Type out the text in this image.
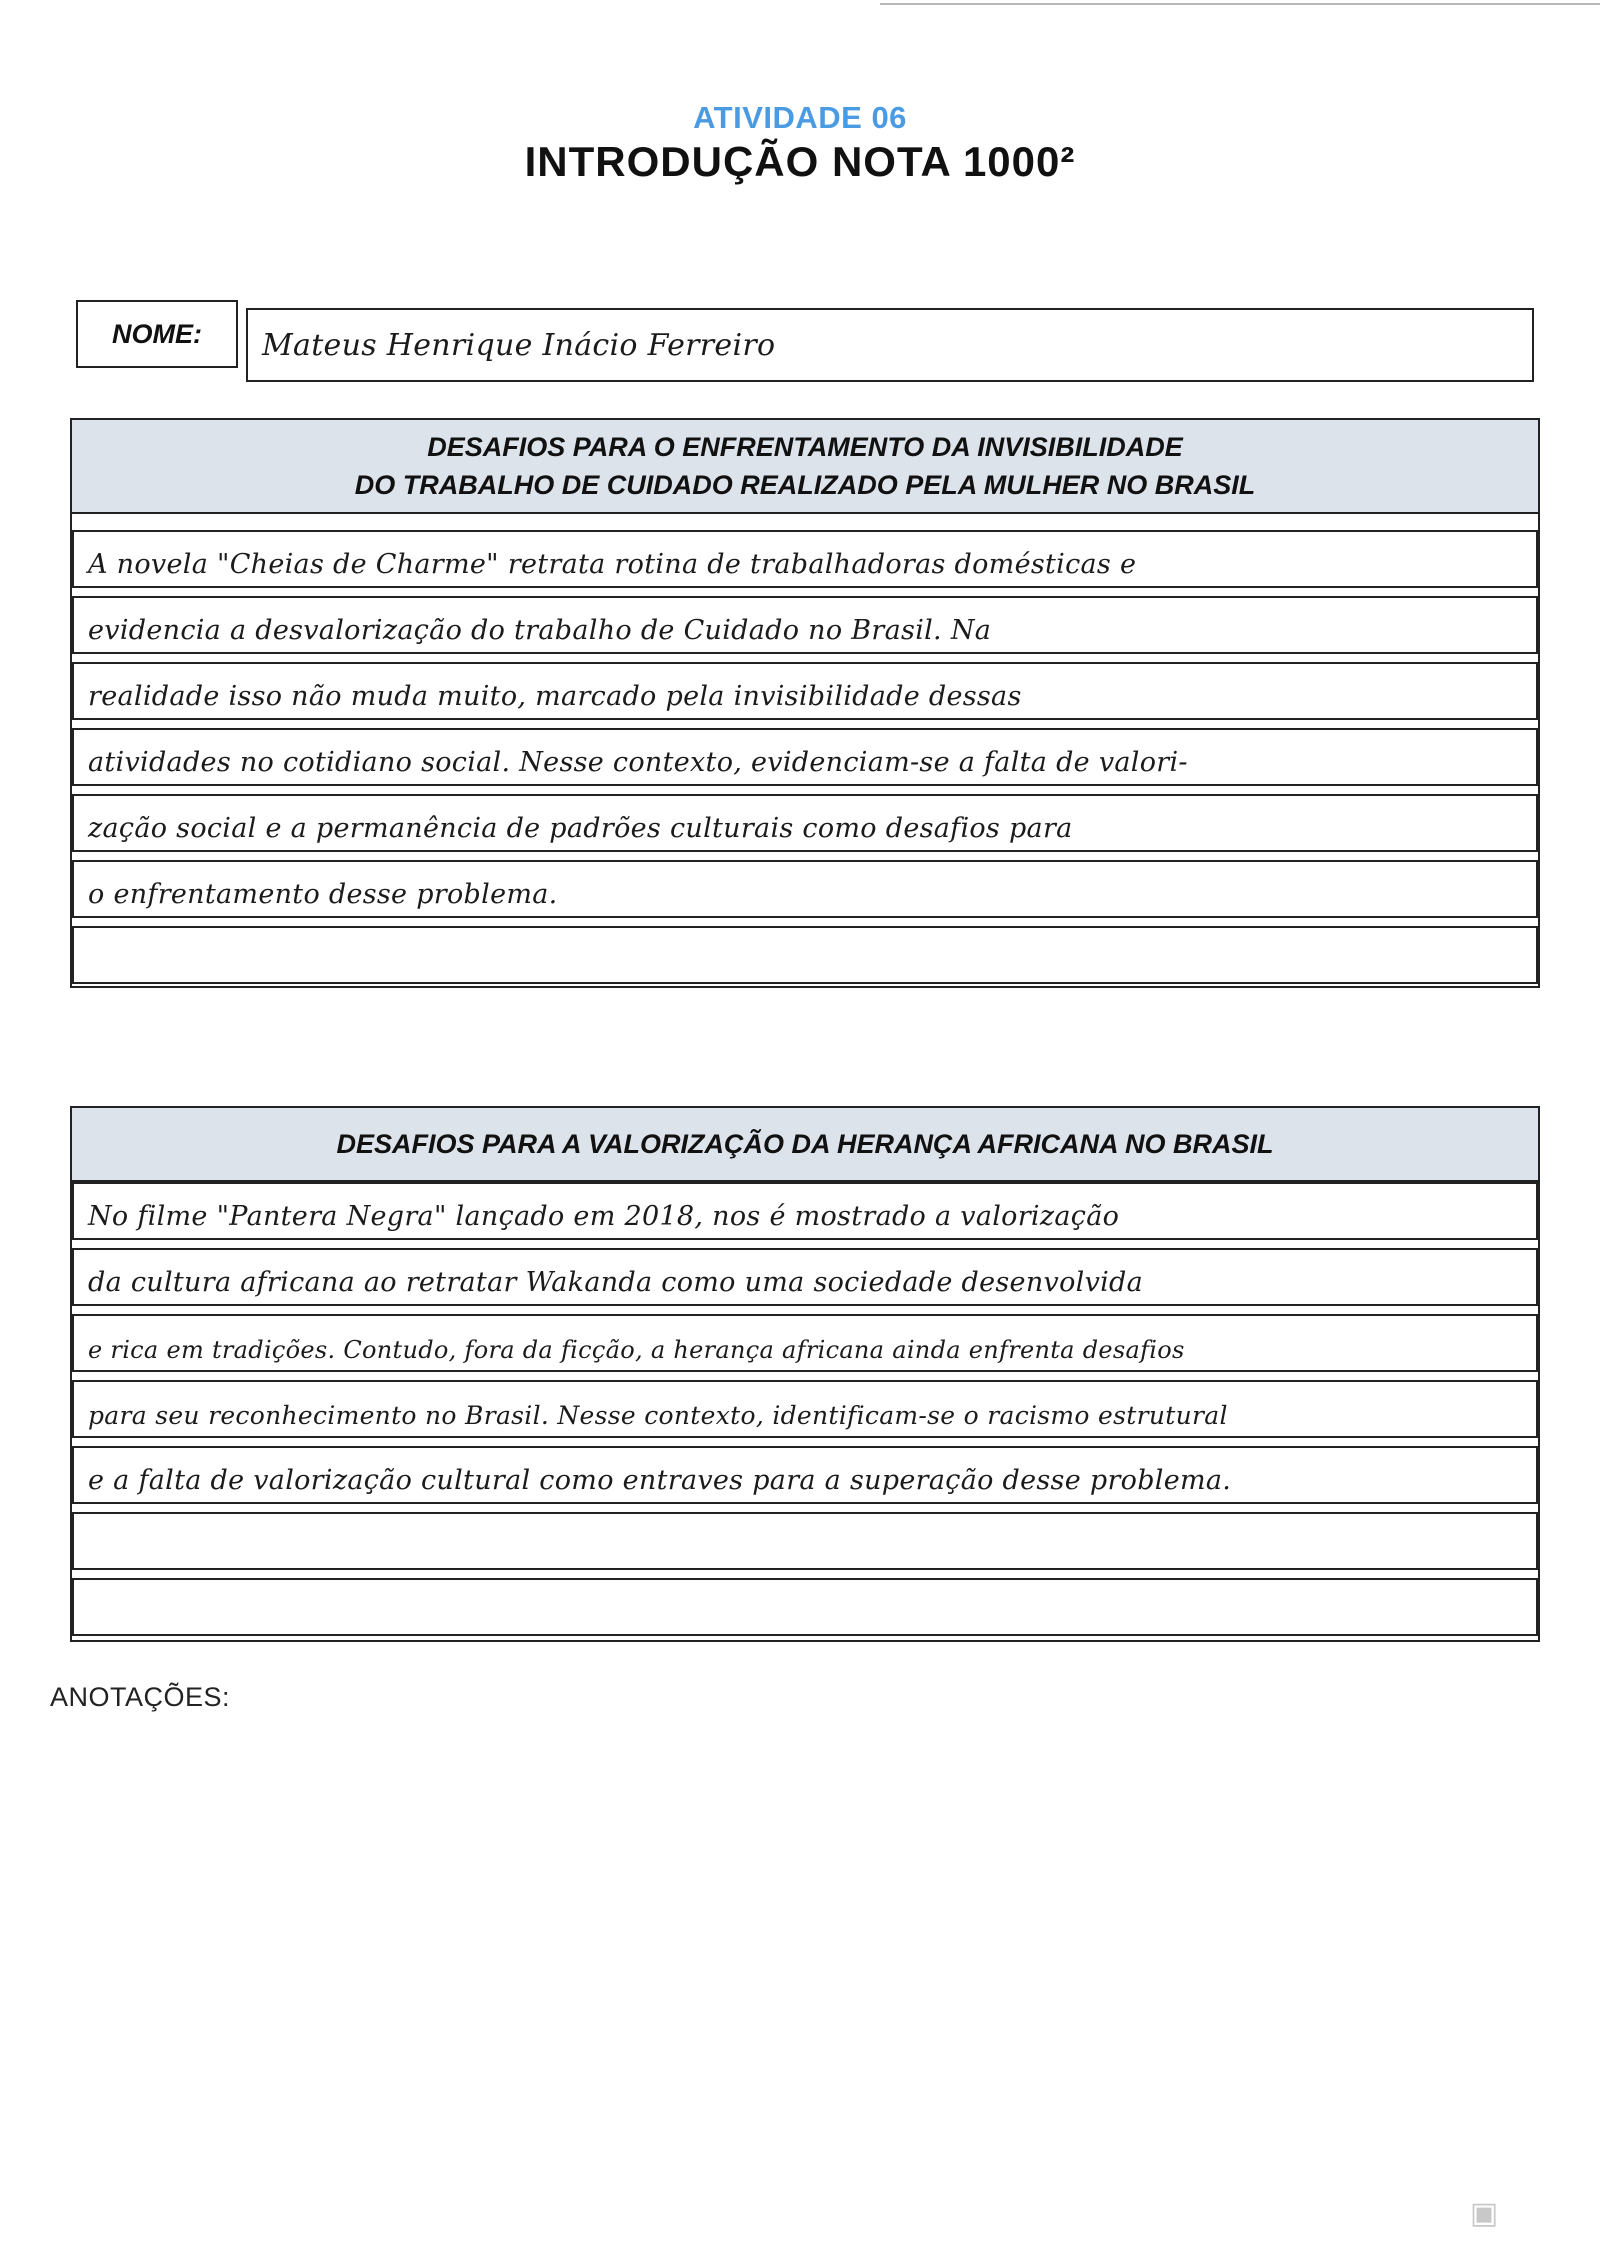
ATIVIDADE 06
INTRODUÇÃO NOTA 1000²
NOME:	Mateus Henrique Inácio Ferreiro
DESAFIOS PARA O ENFRENTAMENTO DA INVISIBILIDADE
DO TRABALHO DE CUIDADO REALIZADO PELA MULHER NO BRASIL
A novela "Cheias de Charme" retrata rotina de trabalhadoras domésticas e
evidencia a desvalorização do trabalho de Cuidado no Brasil. Na
realidade isso não muda muito, marcado pela invisibilidade dessas
atividades no cotidiano social. Nesse contexto, evidenciam-se a falta de valori-
zação social e a permanência de padrões culturais como desafios para
o enfrentamento desse problema.
DESAFIOS PARA A VALORIZAÇÃO DA HERANÇA AFRICANA NO BRASIL
No filme "Pantera Negra" lançado em 2018, nos é mostrado a valorização
da cultura africana ao retratar Wakanda como uma sociedade desenvolvida
e rica em tradições. Contudo, fora da ficção, a herança africana ainda enfrenta desafios
para seu reconhecimento no Brasil. Nesse contexto, identificam-se o racismo estrutural
e a falta de valorização cultural como entraves para a superação desse problema.
ANOTAÇÕES:
▣
